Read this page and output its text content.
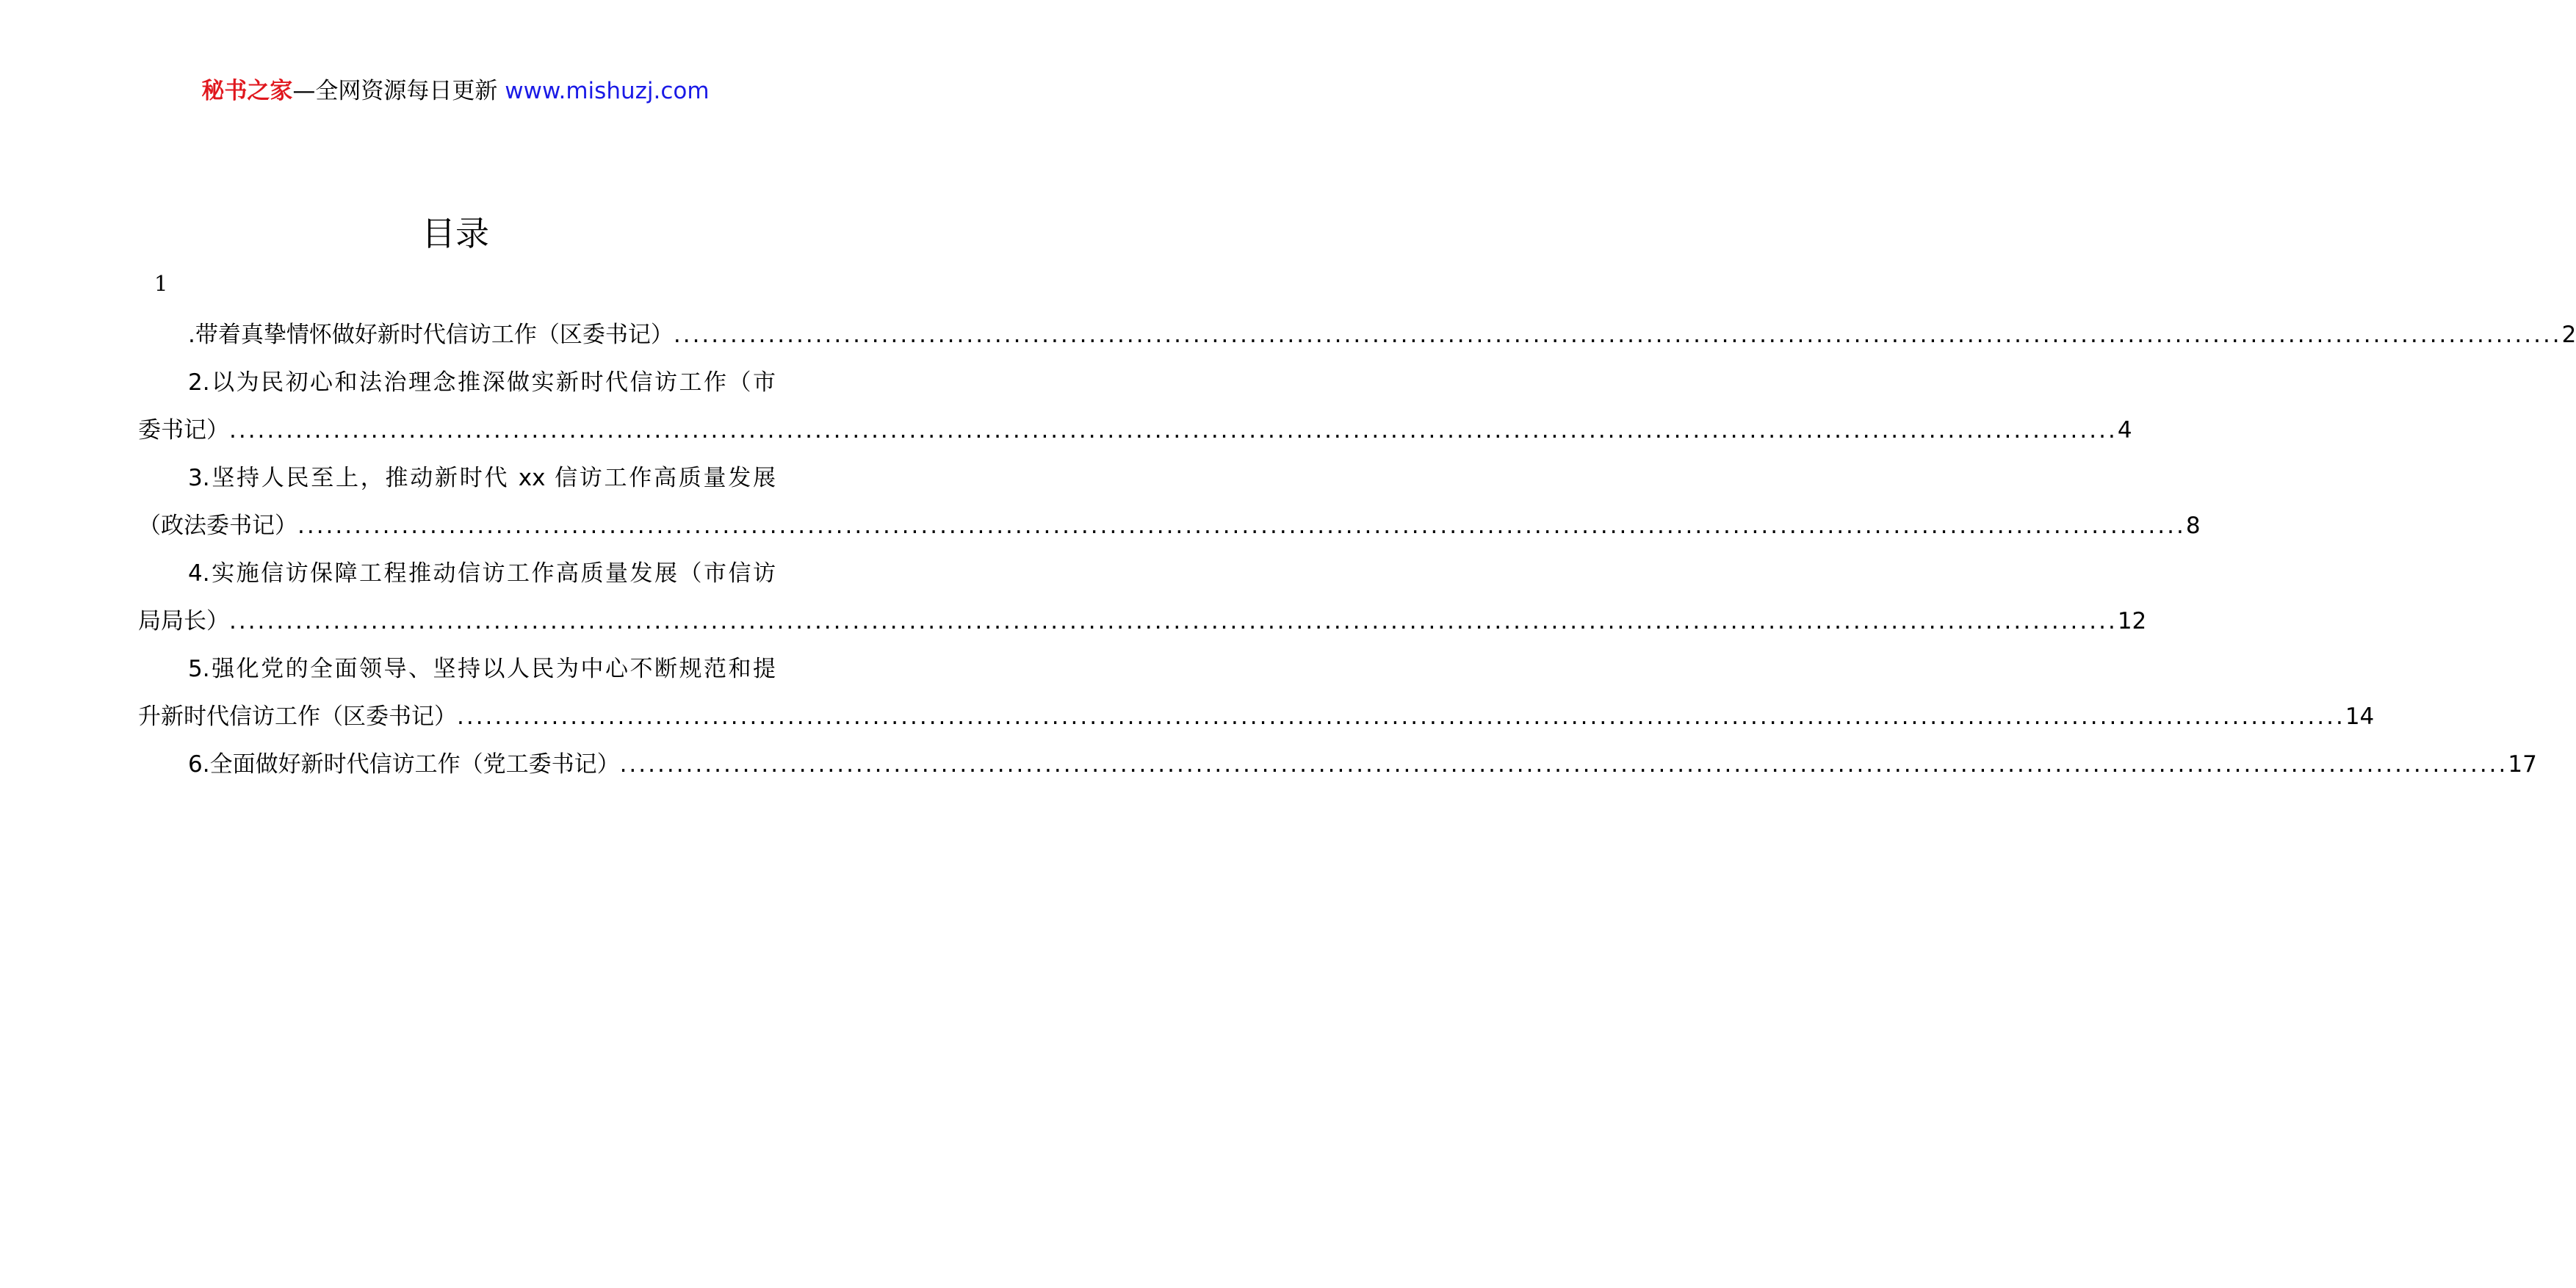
秘书之家—全网资源每日更新 www.mishuzj.com
目录
1
.带着真挚情怀做好新时代信访工作（区委书记） ........................................................................................................................................................................................................ 2
2.以为民初心和法治理念推深做实新时代信访工作（市
委书记） ........................................................................................................................................................................................................ 4
3.坚持人民至上，推动新时代 xx 信访工作高质量发展
（政法委书记） ........................................................................................................................................................................................................ 8
4.实施信访保障工程推动信访工作高质量发展（市信访
局局长） ........................................................................................................................................................................................................ 12
5.强化党的全面领导、坚持以人民为中心不断规范和提
升新时代信访工作（区委书记） ........................................................................................................................................................................................................ 14
6.全面做好新时代信访工作（党工委书记） ........................................................................................................................................................................................................ 17
